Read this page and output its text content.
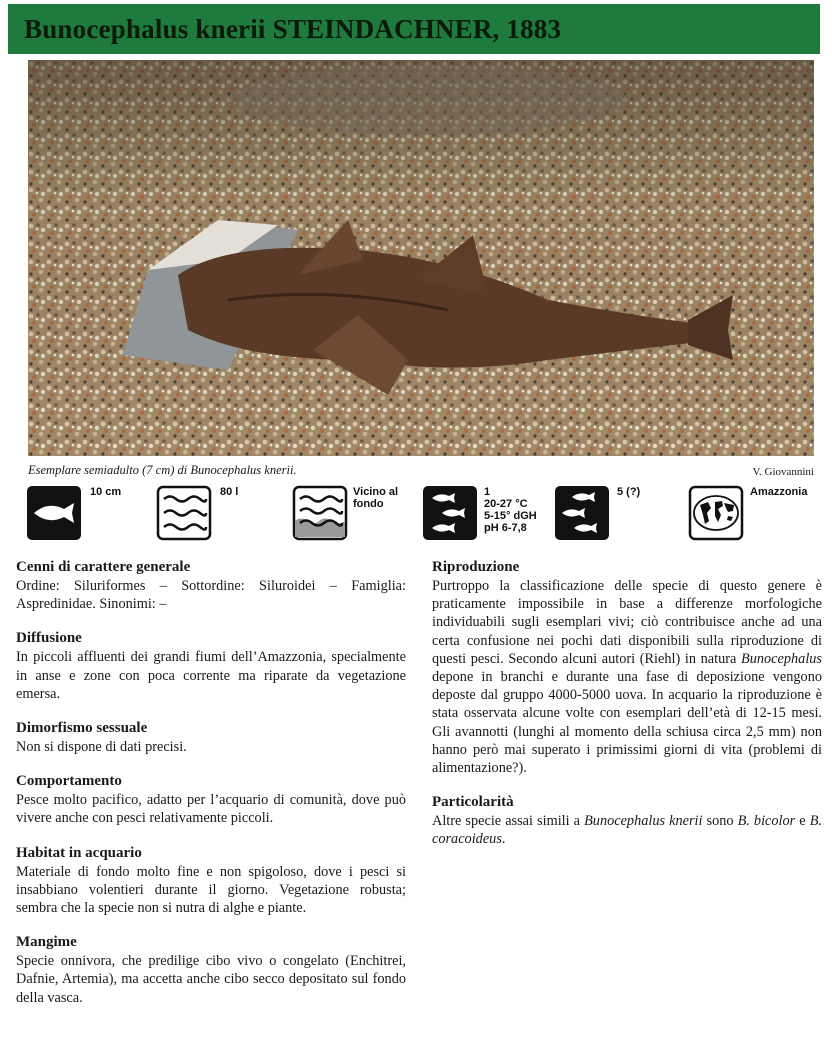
Bunocephalus knerii STEINDACHNER, 1883
Esemplare semiadulto (7 cm) di Bunocephalus knerii.	V. Giovannini
10 cm	80 l	Vicino al
fondo
1
20-27 °C
5-15° dGH
pH 6-7,8
5 (?)	Amazzonia
Cenni di carattere generale

Ordine: Siluriformes – Sottordine: Siluroidei – Famiglia: Aspredinidae. Sinonimi: –

Diffusione

In piccoli affluenti dei grandi fiumi dell’Amazzonia, specialmente in anse e zone con poca corrente ma riparate da vegetazione emersa.

Dimorfismo sessuale

Non si dispone di dati precisi.

Comportamento

Pesce molto pacifico, adatto per l’acquario di comunità, dove può vivere anche con pesci relativamente piccoli.

Habitat in acquario

Materiale di fondo molto fine e non spigoloso, dove i pesci si insabbiano volentieri durante il giorno. Vegetazione robusta; sembra che la specie non si nutra di alghe e piante.

Mangime

Specie onnivora, che predilige cibo vivo o congelato (Enchitrei, Dafnie, Artemia), ma accetta anche cibo secco depositato sul fondo della vasca.

Riproduzione

Purtroppo la classificazione delle specie di questo genere è praticamente impossibile in base a differenze morfologiche individuabili sugli esemplari vivi; ciò contribuisce anche ad una certa confusione nei pochi dati disponibili sulla riproduzione di questi pesci. Secondo alcuni autori (Riehl) in natura Bunocephalus depone in branchi e durante una fase di deposizione vengono deposte dal gruppo 4000-5000 uova. In acquario la riproduzione è stata osservata alcune volte con esemplari dell’età di 12-15 mesi. Gli avannotti (lunghi al momento della schiusa circa 2,5 mm) non hanno però mai superato i primissimi giorni di vita (problemi di alimentazione?).

Particolarità

Altre specie assai simili a Bunocephalus knerii sono B. bicolor e B. coracoideus.
